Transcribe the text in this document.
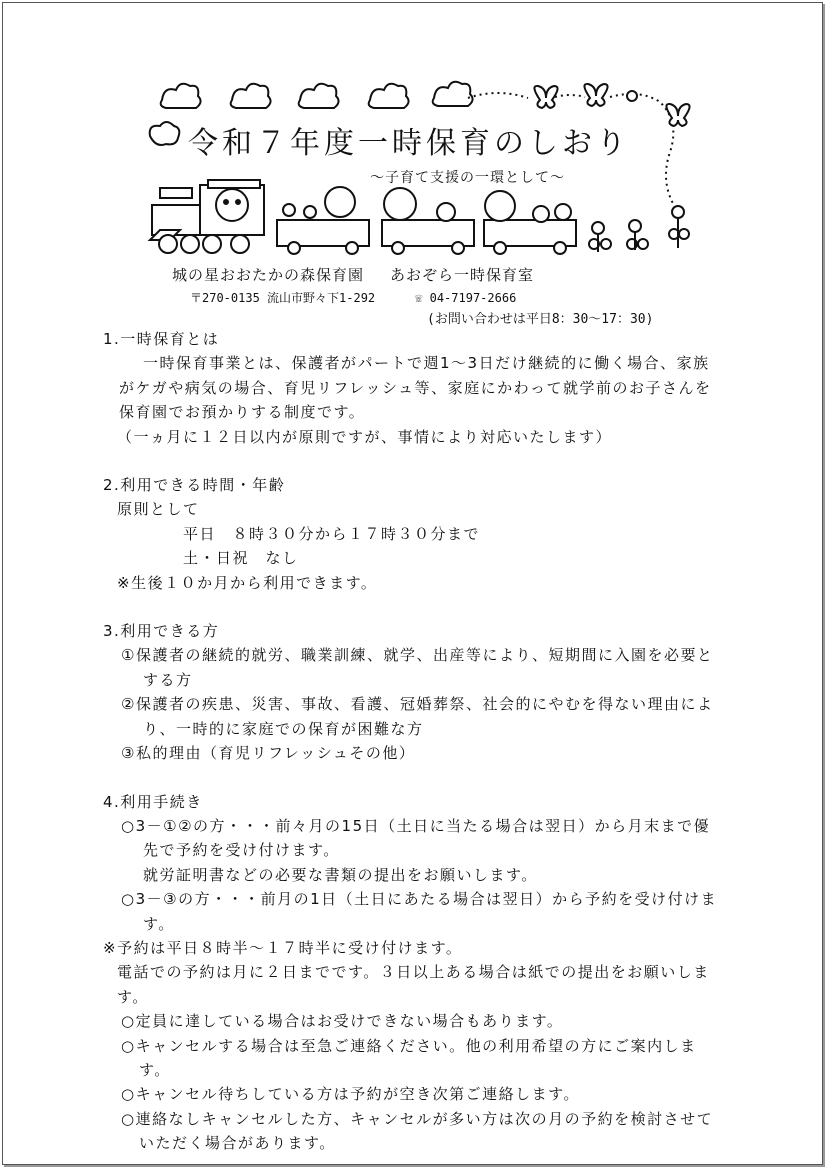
令和７年度一時保育のしおり
～子育て支援の一環として～
城の星おおたかの森保育園 あおぞら一時保育室
〒270-0135 流山市野々下1-292	☏ 04-7197-2666
(お問い合わせは平日8：30～17：30)

1.一時保育とは

一時保育事業とは、保護者がパートで週1～3日だけ継続的に働く場合、家族がケガや病気の場合、育児リフレッシュ等、家庭にかわって就学前のお子さんを保育園でお預かりする制度です。

（一ヵ月に１２日以内が原則ですが、事情により対応いたします）

2.利用できる時間・年齢

原則として

平日　８時３０分から１７時３０分まで

土・日祝　なし

※生後１０か月から利用できます。

3.利用できる方

①保護者の継続的就労、職業訓練、就学、出産等により、短期間に入園を必要とする方

②保護者の疾患、災害、事故、看護、冠婚葬祭、社会的にやむを得ない理由により、一時的に家庭での保育が困難な方

③私的理由（育児リフレッシュその他）

4.利用手続き

○3－①②の方・・・前々月の15日（土日に当たる場合は翌日）から月末まで優先で予約を受け付けます。

就労証明書などの必要な書類の提出をお願いします。

○3－③の方・・・前月の1日（土日にあたる場合は翌日）から予約を受け付けます。

※予約は平日８時半～１７時半に受け付けます。

電話での予約は月に２日までです。３日以上ある場合は紙での提出をお願いします。

○定員に達している場合はお受けできない場合もあります。

○キャンセルする場合は至急ご連絡ください。他の利用希望の方にご案内します。

○キャンセル待ちしている方は予約が空き次第ご連絡します。

○連絡なしキャンセルした方、キャンセルが多い方は次の月の予約を検討させていただく場合があります。
